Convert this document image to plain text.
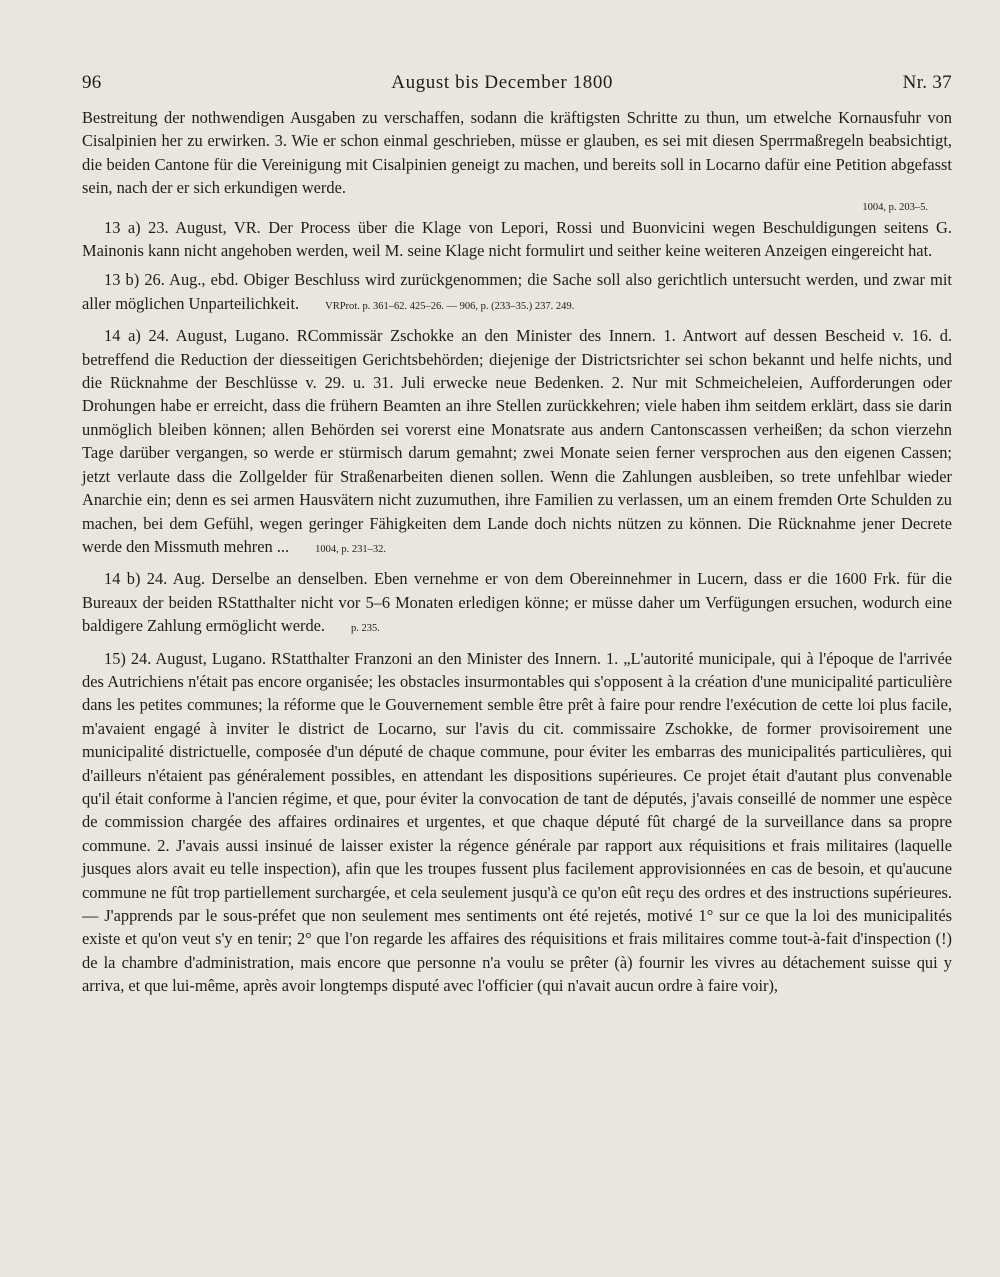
96	August bis December 1800	Nr. 37

Bestreitung der nothwendigen Ausgaben zu verschaffen, sodann die kräftigsten Schritte zu thun, um etwelche Kornausfuhr von Cisalpinien her zu erwirken. 3. Wie er schon einmal geschrieben, müsse er glauben, es sei mit diesen Sperrmaßregeln beabsichtigt, die beiden Cantone für die Vereinigung mit Cisalpinien geneigt zu machen, und bereits soll in Locarno dafür eine Petition abgefasst sein, nach der er sich erkundigen werde.

1004, p. 203–5.

13 a) 23. August, VR. Der Process über die Klage von Lepori, Rossi und Buonvicini wegen Beschuldigungen seitens G. Mainonis kann nicht angehoben werden, weil M. seine Klage nicht formulirt und seither keine weiteren Anzeigen eingereicht hat.

13 b) 26. Aug., ebd. Obiger Beschluss wird zurückgenommen; die Sache soll also gerichtlich untersucht werden, und zwar mit aller möglichen Unparteilichkeit. VRProt. p. 361–62. 425–26. — 906, p. (233–35.) 237. 249.

14 a) 24. August, Lugano. RCommissär Zschokke an den Minister des Innern. 1. Antwort auf dessen Bescheid v. 16. d. betreffend die Reduction der diesseitigen Gerichtsbehörden; diejenige der Districtsrichter sei schon bekannt und helfe nichts, und die Rücknahme der Beschlüsse v. 29. u. 31. Juli erwecke neue Bedenken. 2. Nur mit Schmeicheleien, Aufforderungen oder Drohungen habe er erreicht, dass die frühern Beamten an ihre Stellen zurückkehren; viele haben ihm seitdem erklärt, dass sie darin unmöglich bleiben können; allen Behörden sei vorerst eine Monatsrate aus andern Cantonscassen verheißen; da schon vierzehn Tage darüber vergangen, so werde er stürmisch darum gemahnt; zwei Monate seien ferner versprochen aus den eigenen Cassen; jetzt verlaute dass die Zollgelder für Straßenarbeiten dienen sollen. Wenn die Zahlungen ausbleiben, so trete unfehlbar wieder Anarchie ein; denn es sei armen Hausvätern nicht zuzumuthen, ihre Familien zu verlassen, um an einem fremden Orte Schulden zu machen, bei dem Gefühl, wegen geringer Fähigkeiten dem Lande doch nichts nützen zu können. Die Rücknahme jener Decrete werde den Missmuth mehren ... 1004, p. 231–32.

14 b) 24. Aug. Derselbe an denselben. Eben vernehme er von dem Obereinnehmer in Lucern, dass er die 1600 Frk. für die Bureaux der beiden RStatthalter nicht vor 5–6 Monaten erledigen könne; er müsse daher um Verfügungen ersuchen, wodurch eine baldigere Zahlung ermöglicht werde. p. 235.

15) 24. August, Lugano. RStatthalter Franzoni an den Minister des Innern. 1. „L'autorité municipale, qui à l'époque de l'arrivée des Autrichiens n'était pas encore organisée; les obstacles insurmontables qui s'opposent à la création d'une municipalité particulière dans les petites communes; la réforme que le Gouvernement semble être prêt à faire pour rendre l'exécution de cette loi plus facile, m'avaient engagé à inviter le district de Locarno, sur l'avis du cit. commissaire Zschokke, de former provisoirement une municipalité districtuelle, composée d'un député de chaque commune, pour éviter les embarras des municipalités particulières, qui d'ailleurs n'étaient pas généralement possibles, en attendant les dispositions supérieures. Ce projet était d'autant plus convenable qu'il était conforme à l'ancien régime, et que, pour éviter la convocation de tant de députés, j'avais conseillé de nommer une espèce de commission chargée des affaires ordinaires et urgentes, et que chaque député fût chargé de la surveillance dans sa propre commune. 2. J'avais aussi insinué de laisser exister la régence générale par rapport aux réquisitions et frais militaires (laquelle jusques alors avait eu telle inspection), afin que les troupes fussent plus facilement approvisionnées en cas de besoin, et qu'aucune commune ne fût trop partiellement surchargée, et cela seulement jusqu'à ce qu'on eût reçu des ordres et des instructions supérieures. — J'apprends par le sous-préfet que non seulement mes sentiments ont été rejetés, motivé 1° sur ce que la loi des municipalités existe et qu'on veut s'y en tenir; 2° que l'on regarde les affaires des réquisitions et frais militaires comme tout-à-fait d'inspection (!) de la chambre d'administration, mais encore que personne n'a voulu se prêter (à) fournir les vivres au détachement suisse qui y arriva, et que lui-même, après avoir longtemps disputé avec l'officier (qui n'avait aucun ordre à faire voir),
